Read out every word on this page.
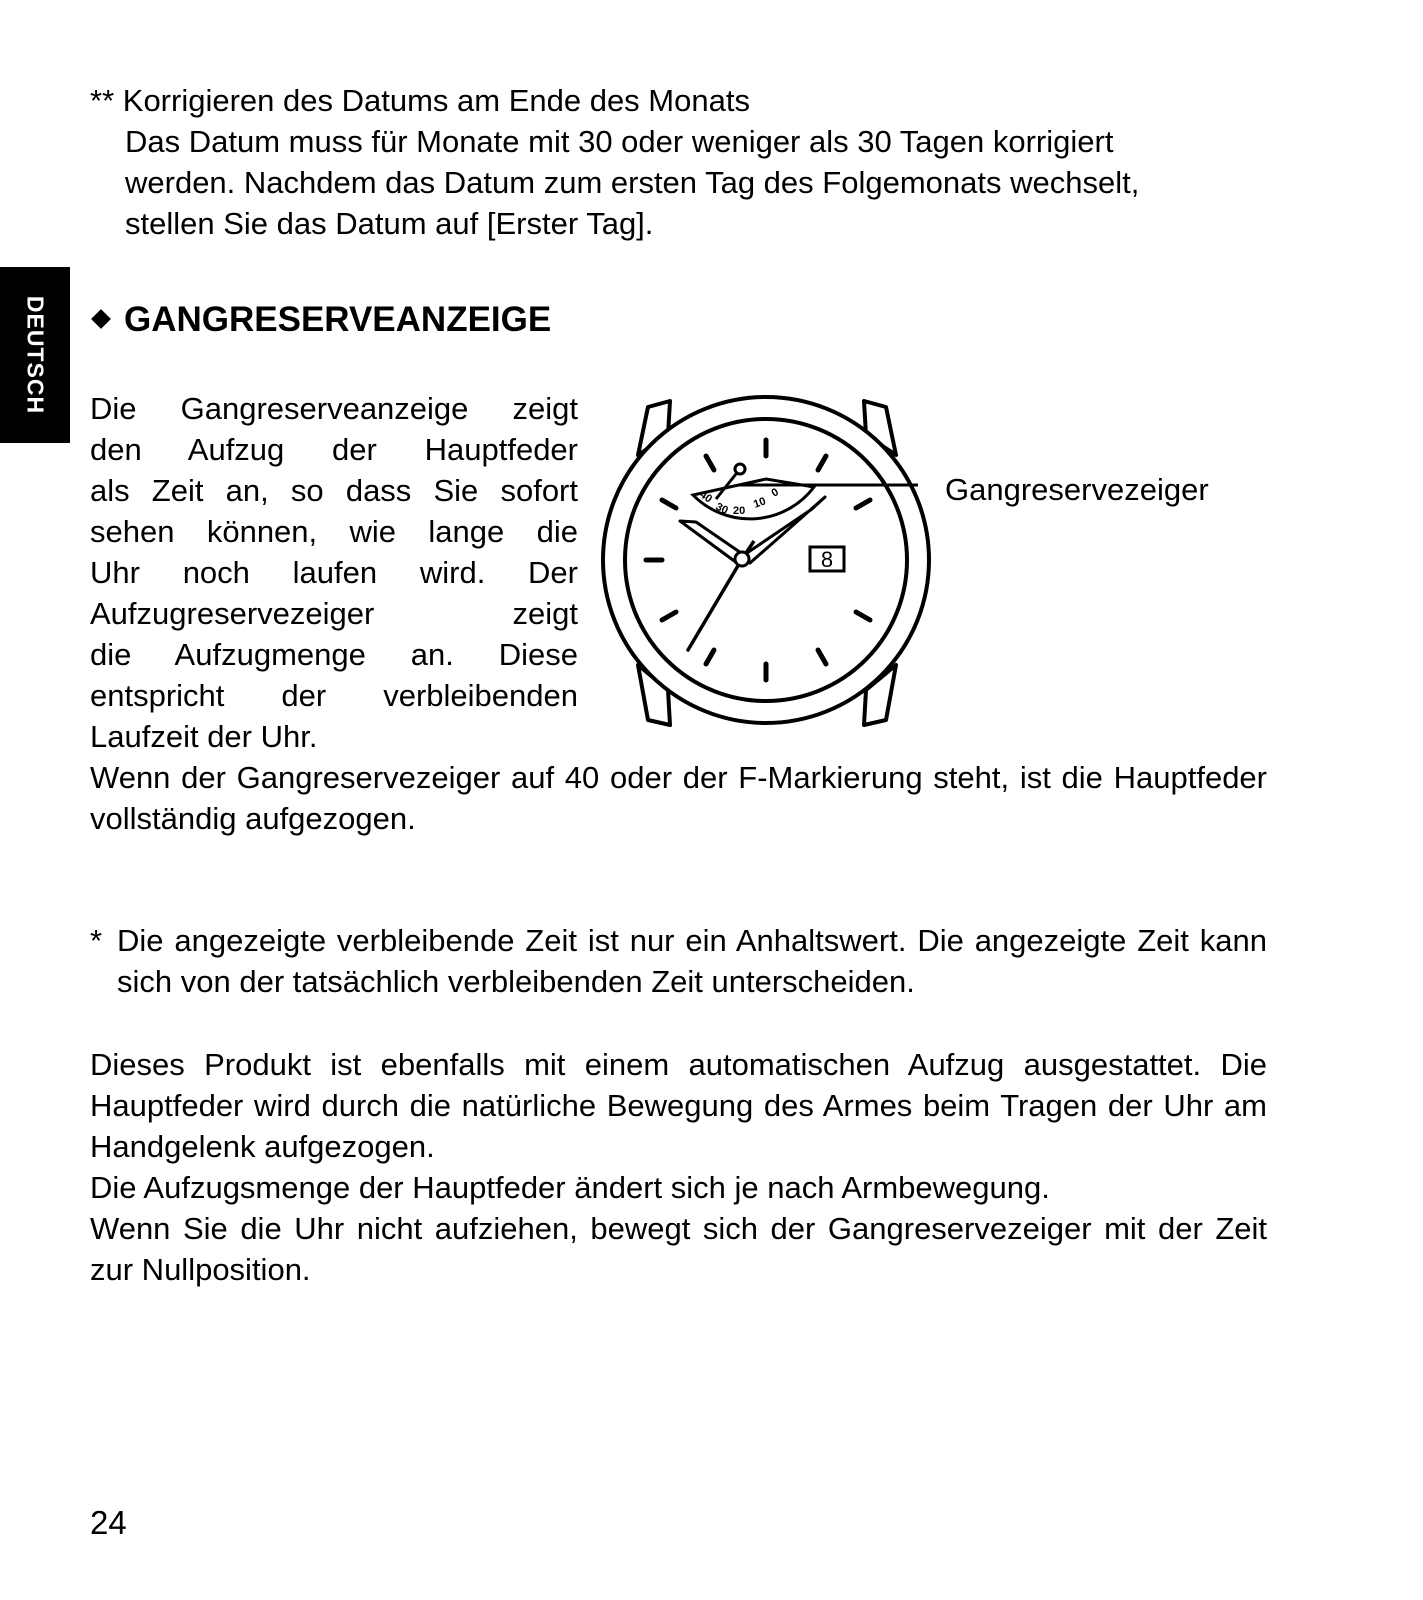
** Korrigieren des Datums am Ende des Monats
Das Datum muss für Monate mit 30 oder weniger als 30 Tagen korrigiert
werden. Nachdem das Datum zum ersten Tag des Folgemonats wechselt,
stellen Sie das Datum auf [Erster Tag].
DEUTSCH	GANGRESERVEANZEIGE
Die Gangreserveanzeige zeigt
den Aufzug der Hauptfeder
als Zeit an, so dass Sie sofort
sehen können, wie lange die
Uhr noch laufen wird. Der
Aufzugreservezeiger zeigt
die Aufzugmenge an. Diese
entspricht der verbleibenden
Laufzeit der Uhr.
40
30 20
10
0
8
Gangreservezeiger

Wenn der Gangreservezeiger auf 40 oder der F-Markierung steht, ist die Hauptfeder vollständig aufgezogen.

* Die angezeigte verbleibende Zeit ist nur ein Anhaltswert. Die angezeigte Zeit kann sich von der tatsächlich verbleibenden Zeit unterscheiden.

Dieses Produkt ist ebenfalls mit einem automatischen Aufzug ausgestattet. Die Hauptfeder wird durch die natürliche Bewegung des Armes beim Tragen der Uhr am Handgelenk aufgezogen.

Die Aufzugsmenge der Hauptfeder ändert sich je nach Armbewegung.

Wenn Sie die Uhr nicht aufziehen, bewegt sich der Gangreservezeiger mit der Zeit zur Nullposition.

24
